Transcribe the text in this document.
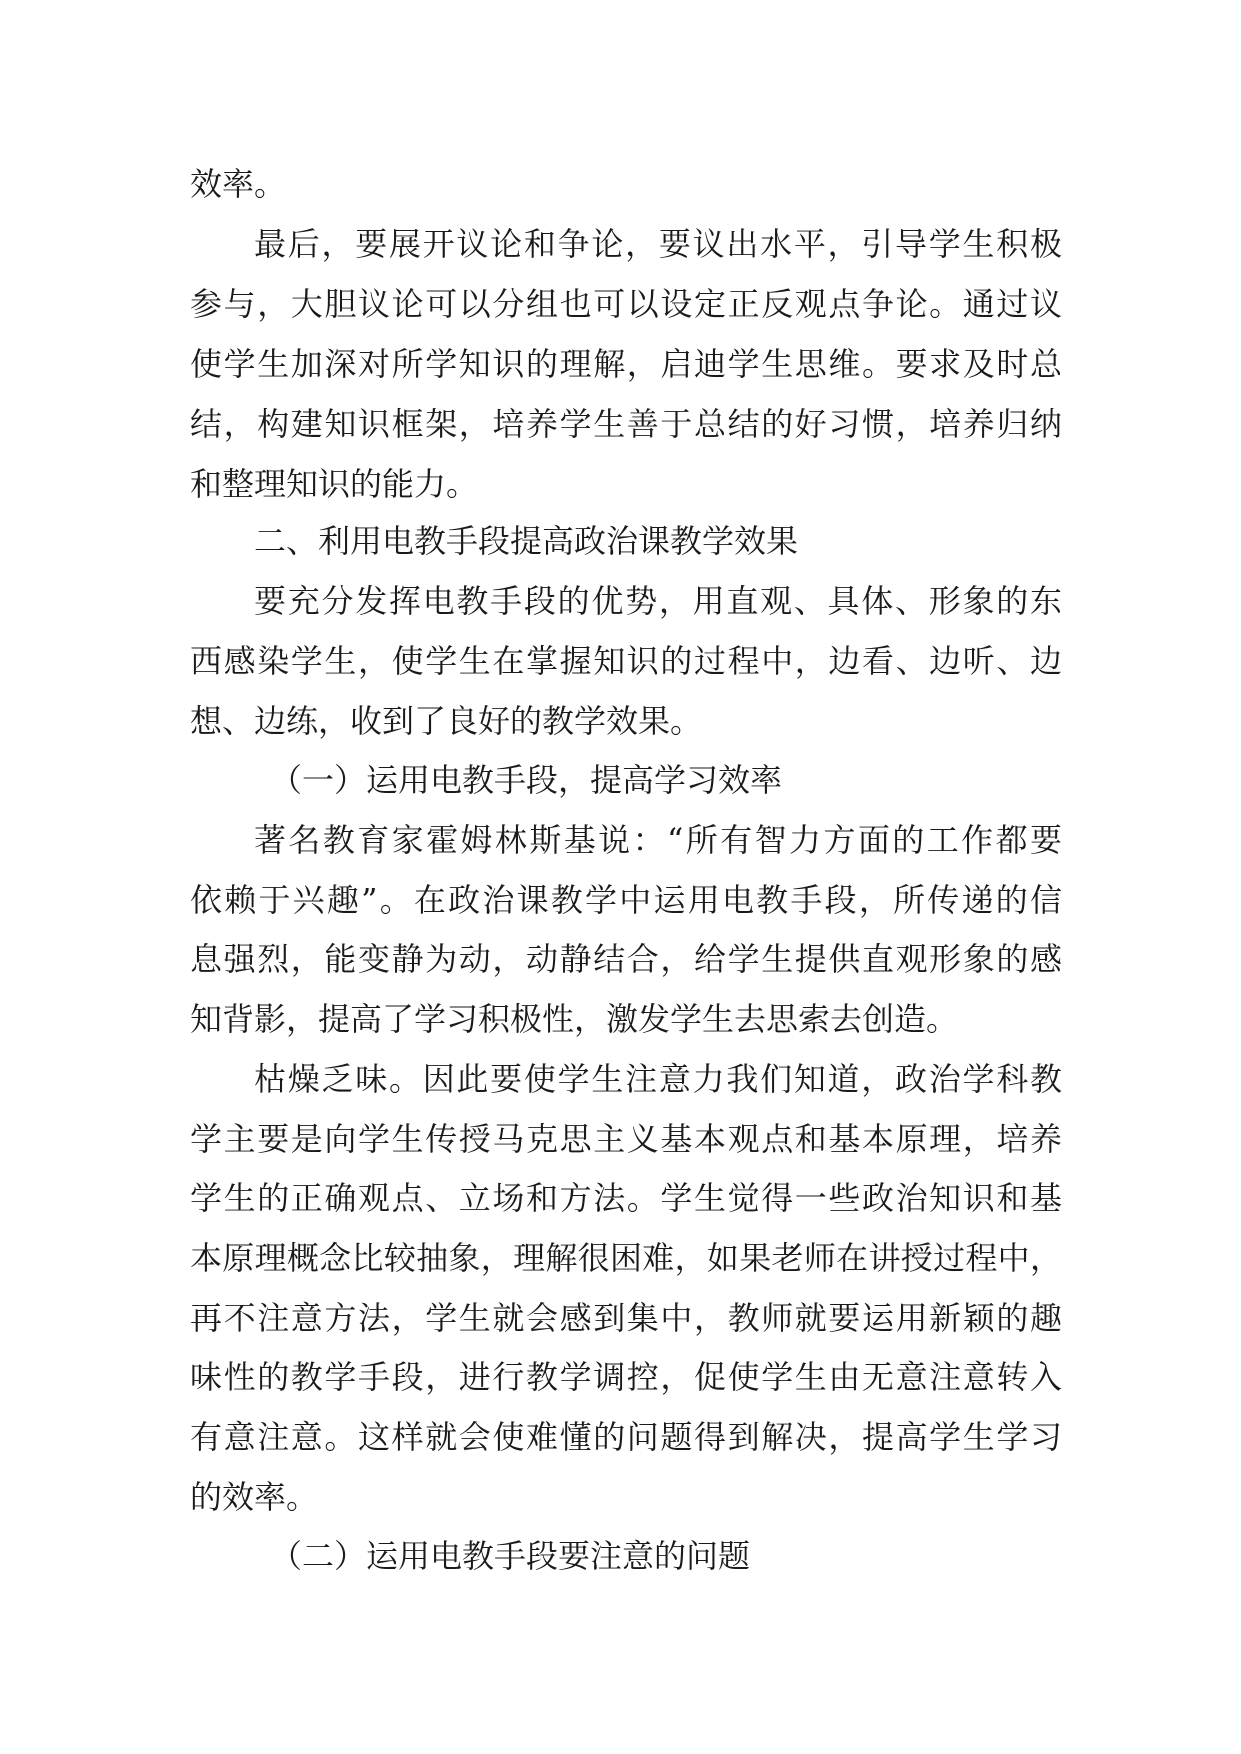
效率。
最后，要展开议论和争论，要议出水平，引导学生积极
参与，大胆议论可以分组也可以设定正反观点争论。通过议
使学生加深对所学知识的理解，启迪学生思维。要求及时总
结，构建知识框架，培养学生善于总结的好习惯，培养归纳
和整理知识的能力。
二、利用电教手段提高政治课教学效果
要充分发挥电教手段的优势，用直观、具体、形象的东
西感染学生，使学生在掌握知识的过程中，边看、边听、边
想、边练，收到了良好的教学效果。
（一）运用电教手段，提高学习效率
著名教育家霍姆林斯基说：“所有智力方面的工作都要
依赖于兴趣”。在政治课教学中运用电教手段，所传递的信
息强烈，能变静为动，动静结合，给学生提供直观形象的感
知背影，提高了学习积极性，激发学生去思索去创造。
枯燥乏味。因此要使学生注意力我们知道，政治学科教
学主要是向学生传授马克思主义基本观点和基本原理，培养
学生的正确观点、立场和方法。学生觉得一些政治知识和基
本原理概念比较抽象，理解很困难，如果老师在讲授过程中，
再不注意方法，学生就会感到集中，教师就要运用新颖的趣
味性的教学手段，进行教学调控，促使学生由无意注意转入
有意注意。这样就会使难懂的问题得到解决，提高学生学习
的效率。
（二）运用电教手段要注意的问题
